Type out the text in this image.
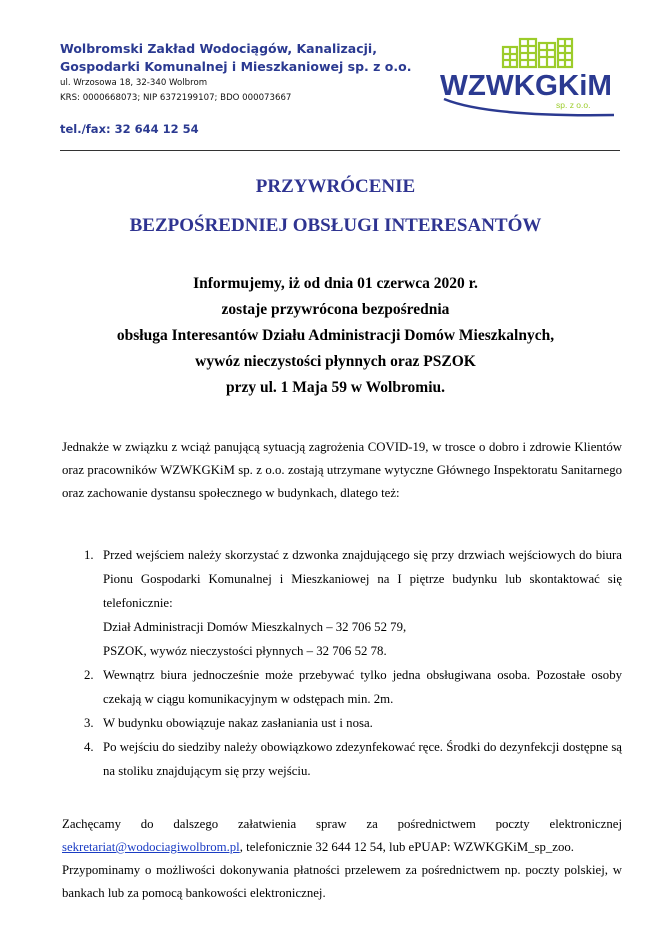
Wolbromski Zakład Wodociągów, Kanalizacji,

Gospodarki Komunalnej i Mieszkaniowej sp. z o.o.

ul. Wrzosowa 18, 32-340 Wolbrom
KRS: 0000668073; NIP 6372199107; BDO 000073667
tel./fax: 32 644 12 54
WZWKGKiM
sp. z o.o.
PRZYWRÓCENIE
BEZPOŚREDNIEJ OBSŁUGI INTERESANTÓW
Informujemy, iż od dnia 01 czerwca 2020 r.
zostaje przywrócona bezpośrednia
obsługa Interesantów Działu Administracji Domów Mieszkalnych,
wywóz nieczystości płynnych oraz PSZOK
przy ul. 1 Maja 59 w Wolbromiu.
Jednakże w związku z wciąż panującą sytuacją zagrożenia COVID-19, w trosce o dobro i zdrowie Klientów oraz pracowników WZWKGKiM sp. z o.o. zostają utrzymane wytyczne Głównego Inspektoratu Sanitarnego oraz zachowanie dystansu społecznego w budynkach, dlatego też:
1. Przed wejściem należy skorzystać z dzwonka znajdującego się przy drzwiach wejściowych do biura Pionu Gospodarki Komunalnej i Mieszkaniowej na I piętrze budynku lub skontaktować się telefonicznie:
Dział Administracji Domów Mieszkalnych – 32 706 52 79,
PSZOK, wywóz nieczystości płynnych – 32 706 52 78.
2. Wewnątrz biura jednocześnie może przebywać tylko jedna obsługiwana osoba. Pozostałe osoby czekają w ciągu komunikacyjnym w odstępach min. 2m.
3. W budynku obowiązuje nakaz zasłaniania ust i nosa.
4. Po wejściu do siedziby należy obowiązkowo zdezynfekować ręce. Środki do dezynfekcji dostępne są na stoliku znajdującym się przy wejściu.
Zachęcamy do dalszego załatwienia spraw za pośrednictwem poczty elektronicznej sekretariat@wodociagiwolbrom.pl, telefonicznie 32 644 12 54, lub ePUAP: WZWKGKiM_sp_zoo.
Przypominamy o możliwości dokonywania płatności przelewem za pośrednictwem np. poczty polskiej, w bankach lub za pomocą bankowości elektronicznej.
